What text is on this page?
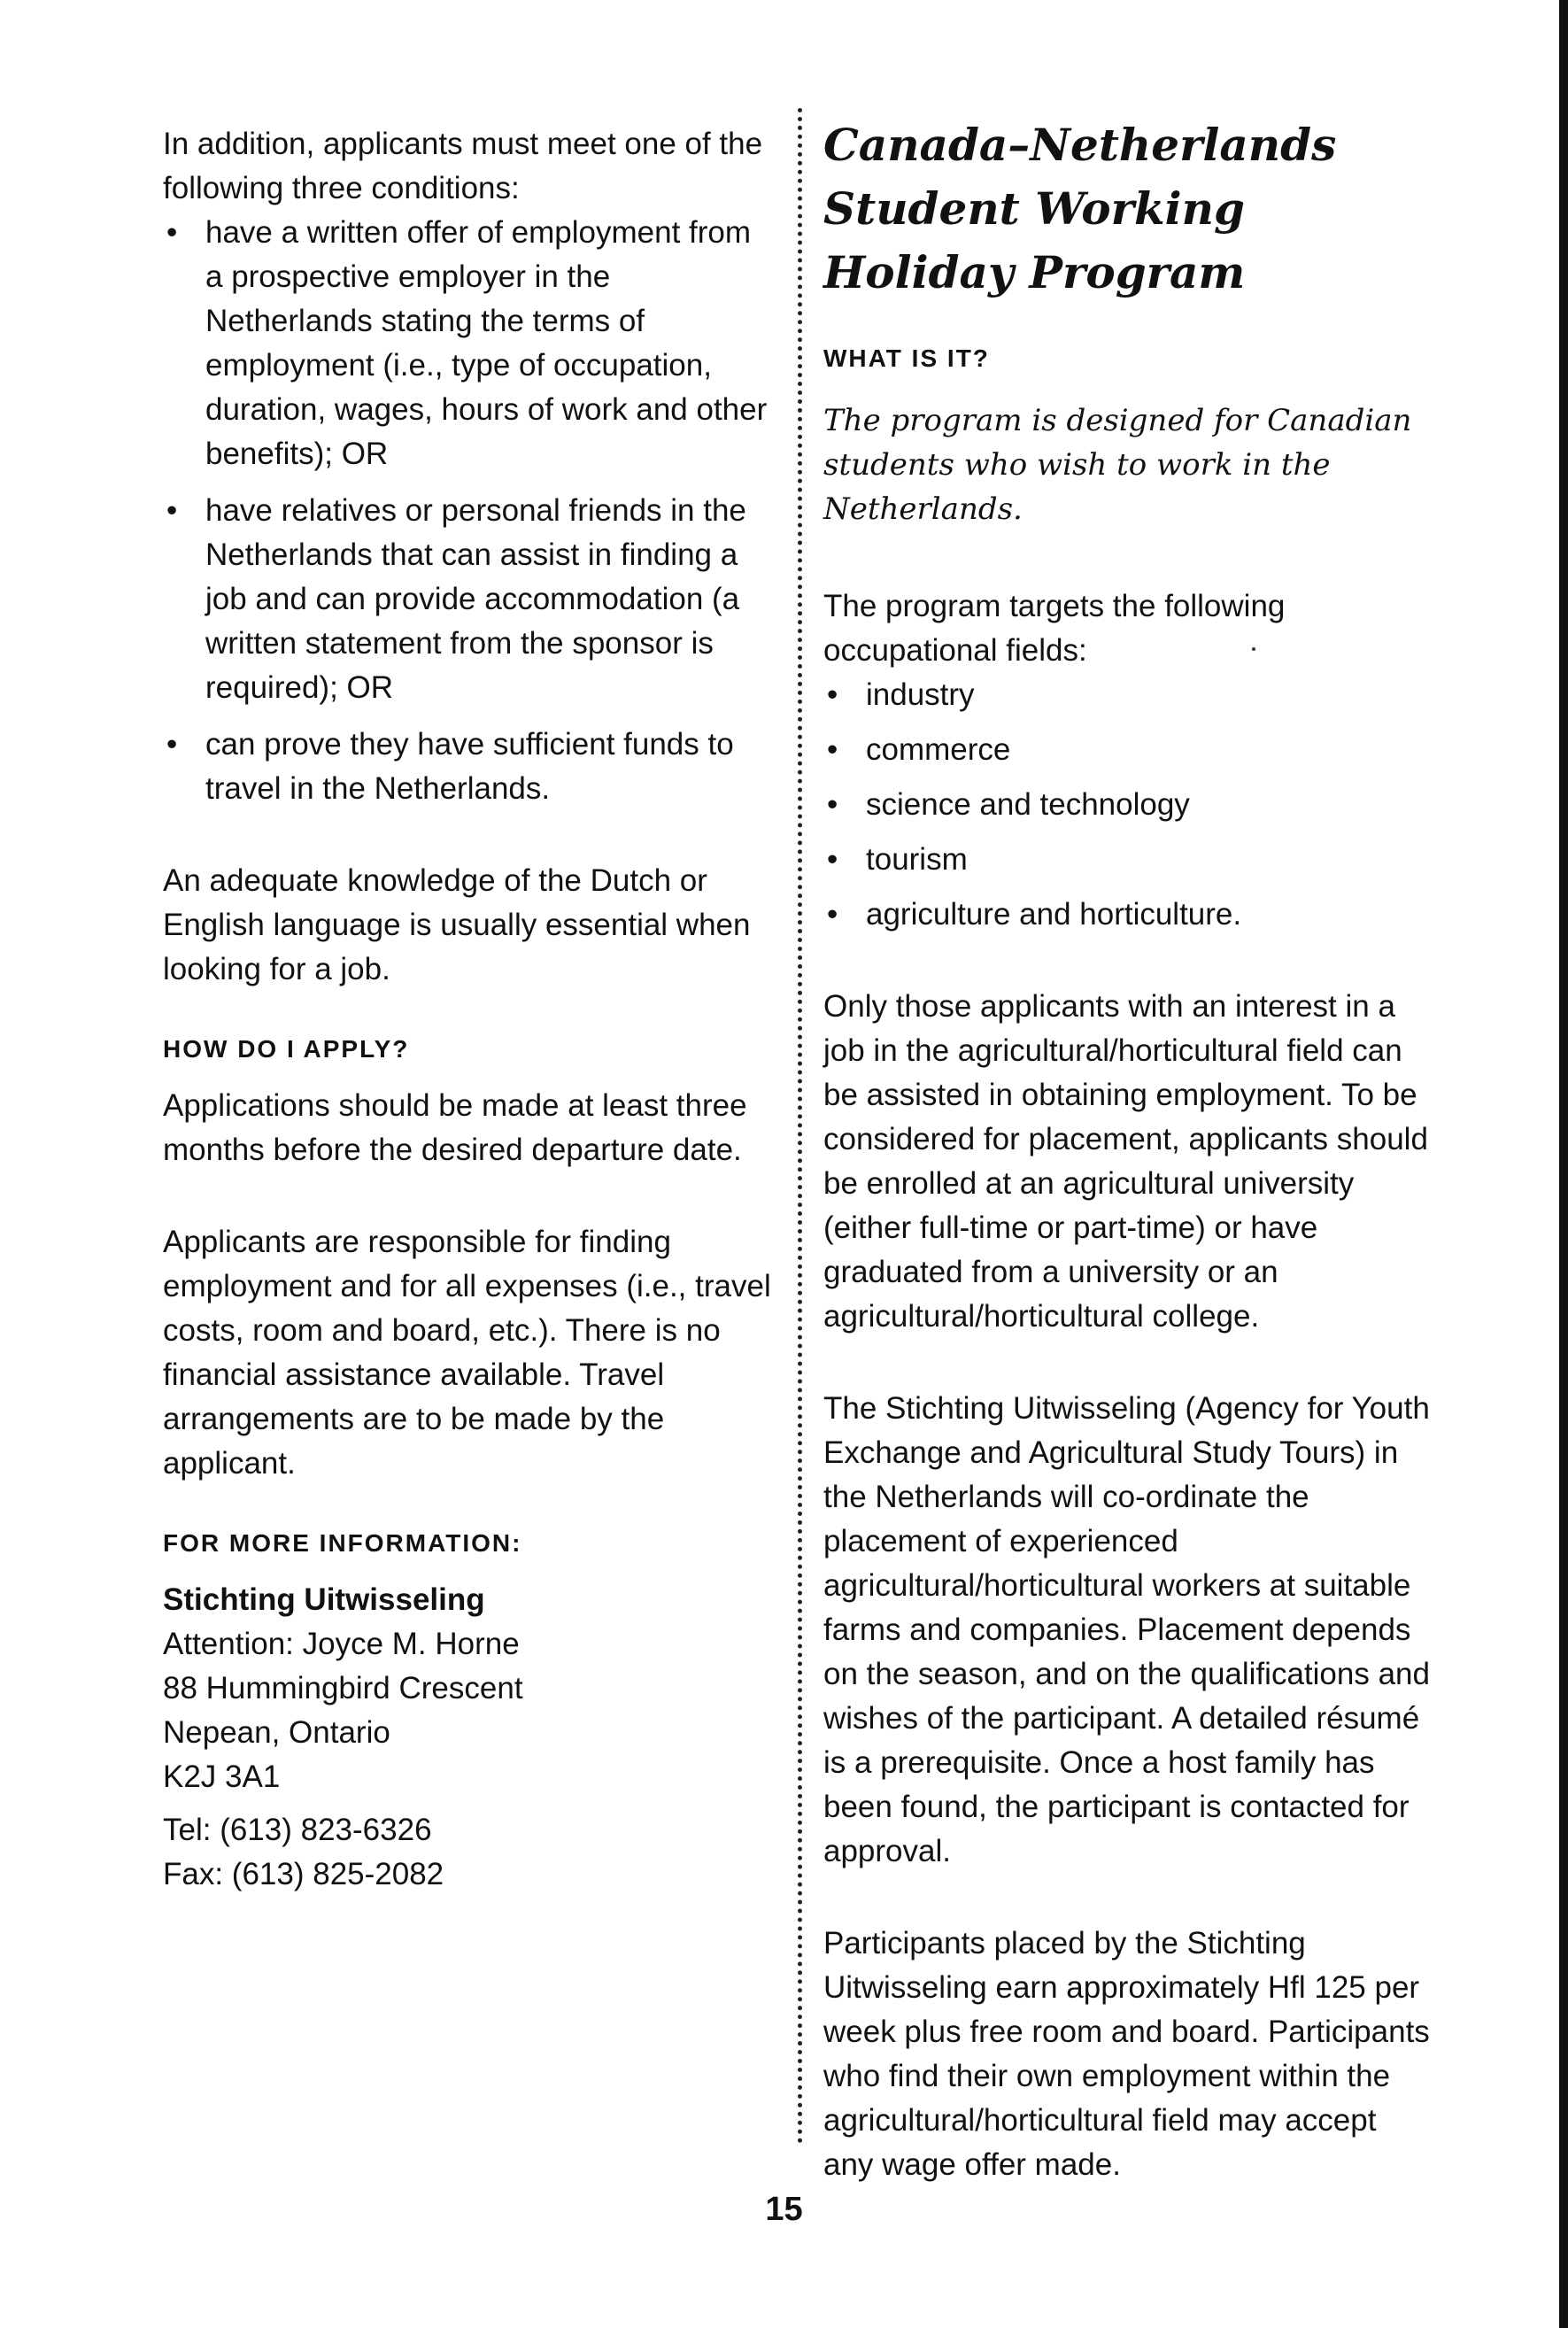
In addition, applicants must meet one of the following three conditions:

• have a written offer of employment from a prospective employer in the Netherlands stating the terms of employment (i.e., type of occupation, duration, wages, hours of work and other benefits); OR
• have relatives or personal friends in the Netherlands that can assist in finding a job and can provide accommodation (a written statement from the sponsor is required); OR
• can prove they have sufficient funds to travel in the Netherlands.

An adequate knowledge of the Dutch or English language is usually essential when looking for a job.

HOW DO I APPLY?

Applications should be made at least three months before the desired departure date.

Applicants are responsible for finding employment and for all expenses (i.e., travel costs, room and board, etc.). There is no financial assistance available. Travel arrangements are to be made by the applicant.

FOR MORE INFORMATION:

Stichting Uitwisseling

Attention: Joyce M. Horne

88 Hummingbird Crescent

Nepean, Ontario

K2J 3A1

Tel: (613) 823-6326

Fax: (613) 825-2082

Canada–Netherlands Student Working Holiday Program
WHAT IS IT?

The program is designed for Canadian students who wish to work in the Netherlands.

The program targets the following occupational fields:

• industry
• commerce
• science and technology
• tourism
• agriculture and horticulture.

Only those applicants with an interest in a job in the agricultural/horticultural field can be assisted in obtaining employment. To be considered for placement, applicants should be enrolled at an agricultural university (either full-time or part-time) or have graduated from a university or an agricultural/horticultural college.

The Stichting Uitwisseling (Agency for Youth Exchange and Agricultural Study Tours) in the Netherlands will co-ordinate the placement of experienced agricultural/horticultural workers at suitable farms and companies. Placement depends on the season, and on the qualifications and wishes of the participant. A detailed résumé is a prerequisite. Once a host family has been found, the participant is contacted for approval.

Participants placed by the Stichting Uitwisseling earn approximately Hfl 125 per week plus free room and board. Participants who find their own employment within the agricultural/horticultural field may accept any wage offer made.

15
